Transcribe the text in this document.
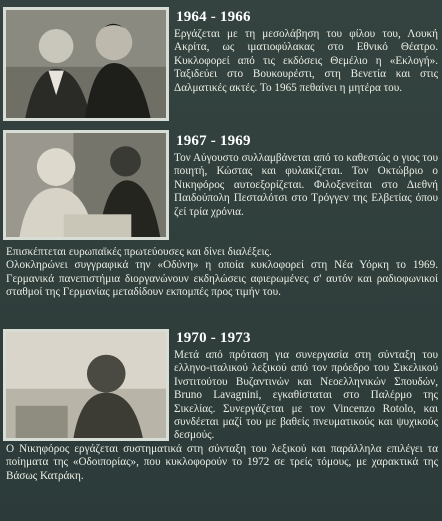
1964 - 1966

Εργάζεται με τη μεσολάβηση του φίλου του, Λουκή Ακρίτα, ως ιματιοφύλακας στο Εθνικό Θέατρο. Κυκλοφορεί από τις εκδόσεις Θεμέλιο η «Εκλογή». Ταξιδεύει στο Βουκουρέστι, στη Βενετία και στις Δαλματικές ακτές. Το 1965 πεθαίνει η μητέρα του.

1967 - 1969

Τον Αύγουστο συλλαμβάνεται από το καθεστώς ο γιος του ποιητή, Κώστας και φυλακίζεται. Τον Οκτώβριο ο Νικηφόρος αυτοεξορίζεται. Φιλοξενείται στο Διεθνή Παιδούπολη Πεσταλότσι στο Τρόγγεν της Ελβετίας όπου ζεί τρία χρόνια.

Επισκέπτεται ευρωπαϊκές πρωτεύουσες και δίνει διαλέξεις.

Ολοκληρώνει συγγραφικά την «Οδύνη» η οποία κυκλοφορεί στη Νέα Υόρκη το 1969. Γερμανικά πανεπιστήμια διοργανώνουν εκδηλώσεις αφιερωμένες σ' αυτόν και ραδιοφωνικοί σταθμοί της Γερμανίας μεταδίδουν εκπομπές προς τιμήν του.

1970 - 1973

Μετά από πρόταση για συνεργασία στη σύνταξη του ελληνο-ιταλικού λεξικού από τον πρόεδρο του Σικελικού Ινστιτούτου Βυζαντινών και Νεοελληνικών Σπουδών, Bruno Lavagnini, εγκαθίσταται στο Παλέρμο της Σικελίας. Συνεργάζεται με τον Vincenzo Rotolo, και συνδέεται μαζί του με βαθείς πνευματικούς και ψυχικούς δεσμούς.

Ο Νικηφόρος εργάζεται συστηματικά στη σύνταξη του λεξικού και παράλληλα επιλέγει τα ποίηματα της «Οδοιπορίας», που κυκλοφορούν το 1972 σε τρείς τόμους, με χαρακτικά της Βάσως Κατράκη.
